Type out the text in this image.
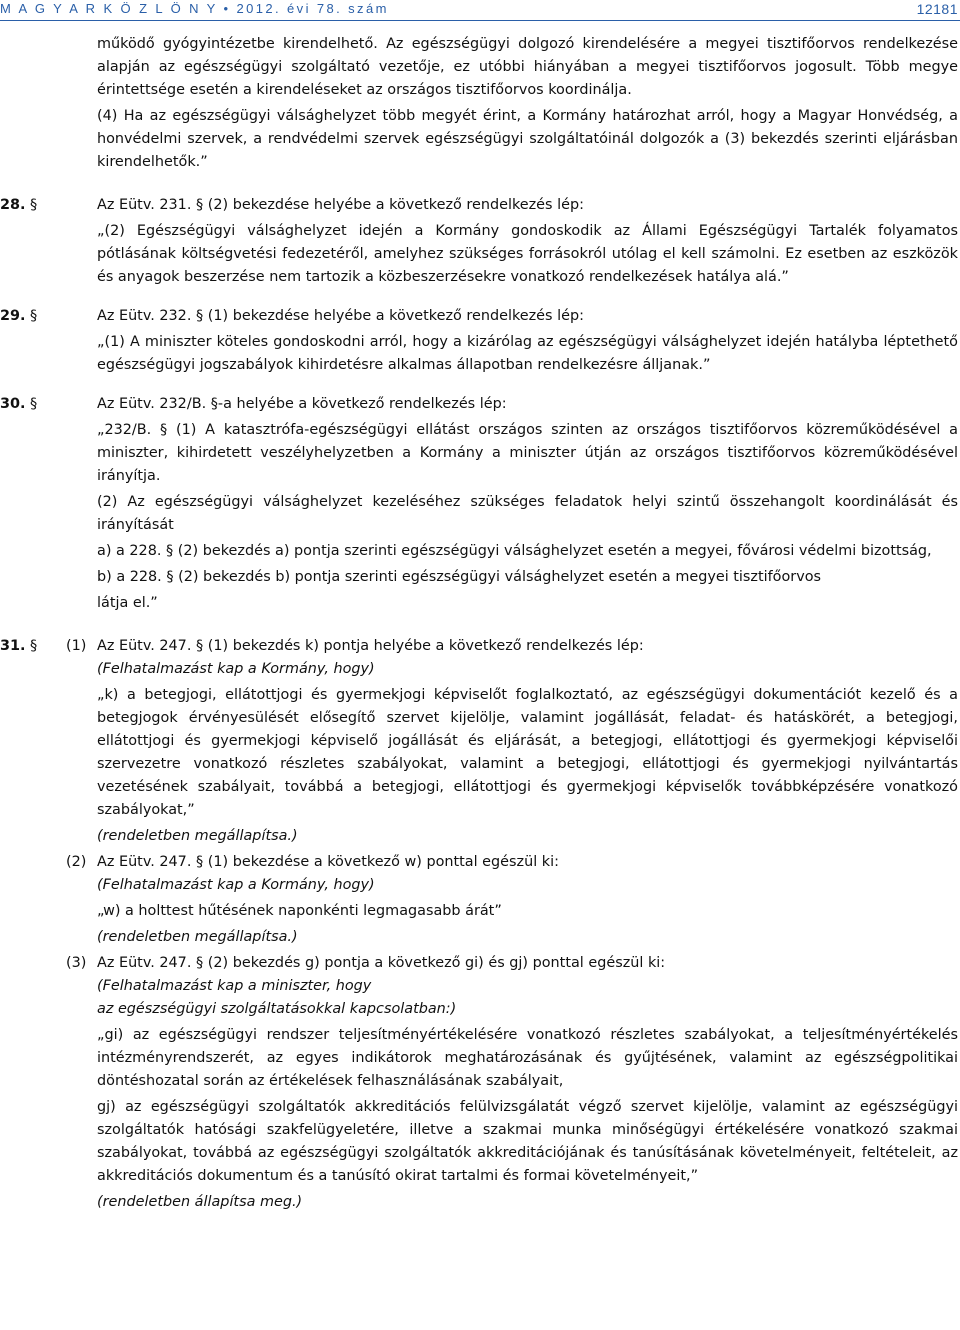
M A G Y A R K Ö Z L Ö N Y • 2012. évi 78. szám	12181

működő gyógyintézetbe kirendelhető. Az egészségügyi dolgozó kirendelésére a megyei tisztifőorvos rendelkezése alapján az egészségügyi szolgáltató vezetője, ez utóbbi hiányában a megyei tisztifőorvos jogosult. Több megye érintettsége esetén a kirendeléseket az országos tisztifőorvos koordinálja.

(4) Ha az egészségügyi válsághelyzet több megyét érint, a Kormány határozhat arról, hogy a Magyar Honvédség, a honvédelmi szervek, a rendvédelmi szervek egészségügyi szolgáltatóinál dolgozók a (3) bekezdés szerinti eljárásban kirendelhetők.”

28. §	Az Eütv. 231. § (2) bekezdése helyébe a következő rendelkezés lép:

„(2) Egészségügyi válsághelyzet idején a Kormány gondoskodik az Állami Egészségügyi Tartalék folyamatos pótlásának költségvetési fedezetéről, amelyhez szükséges forrásokról utólag el kell számolni. Ez esetben az eszközök és anyagok beszerzése nem tartozik a közbeszerzésekre vonatkozó rendelkezések hatálya alá.”

29. §	Az Eütv. 232. § (1) bekezdése helyébe a következő rendelkezés lép:

„(1) A miniszter köteles gondoskodni arról, hogy a kizárólag az egészségügyi válsághelyzet idején hatályba léptethető egészségügyi jogszabályok kihirdetésre alkalmas állapotban rendelkezésre álljanak.”

30. §	Az Eütv. 232/B. §-a helyébe a következő rendelkezés lép:

„232/B. § (1) A katasztrófa-egészségügyi ellátást országos szinten az országos tisztifőorvos közreműködésével a miniszter, kihirdetett veszélyhelyzetben a Kormány a miniszter útján az országos tisztifőorvos közreműködésével irányítja.

(2) Az egészségügyi válsághelyzet kezeléséhez szükséges feladatok helyi szintű összehangolt koordinálását és irányítását

a) a 228. § (2) bekezdés a) pontja szerinti egészségügyi válsághelyzet esetén a megyei, fővárosi védelmi bizottság,

b) a 228. § (2) bekezdés b) pontja szerinti egészségügyi válsághelyzet esetén a megyei tisztifőorvos

látja el.”

31. § (1) Az Eütv. 247. § (1) bekezdés k) pontja helyébe a következő rendelkezés lép:

(Felhatalmazást kap a Kormány, hogy)

„k) a betegjogi, ellátottjogi és gyermekjogi képviselőt foglalkoztató, az egészségügyi dokumentációt kezelő és a betegjogok érvényesülését elősegítő szervet kijelölje, valamint jogállását, feladat- és hatáskörét, a betegjogi, ellátottjogi és gyermekjogi képviselő jogállását és eljárását, a betegjogi, ellátottjogi és gyermekjogi képviselői szervezetre vonatkozó részletes szabályokat, valamint a betegjogi, ellátottjogi és gyermekjogi nyilvántartás vezetésének szabályait, továbbá a betegjogi, ellátottjogi és gyermekjogi képviselők továbbképzésére vonatkozó szabályokat,”

(rendeletben megállapítsa.)

(2) Az Eütv. 247. § (1) bekezdése a következő w) ponttal egészül ki:

(Felhatalmazást kap a Kormány, hogy)

„w) a holttest hűtésének naponkénti legmagasabb árát”

(rendeletben megállapítsa.)

(3) Az Eütv. 247. § (2) bekezdés g) pontja a következő gi) és gj) ponttal egészül ki:

(Felhatalmazást kap a miniszter, hogy

az egészségügyi szolgáltatásokkal kapcsolatban:)

„gi) az egészségügyi rendszer teljesítményértékelésére vonatkozó részletes szabályokat, a teljesítményértékelés intézményrendszerét, az egyes indikátorok meghatározásának és gyűjtésének, valamint az egészségpolitikai döntéshozatal során az értékelések felhasználásának szabályait,

gj) az egészségügyi szolgáltatók akkreditációs felülvizsgálatát végző szervet kijelölje, valamint az egészségügyi szolgáltatók hatósági szakfelügyeletére, illetve a szakmai munka minőségügyi értékelésére vonatkozó szakmai szabályokat, továbbá az egészségügyi szolgáltatók akkreditációjának és tanúsításának követelményeit, feltételeit, az akkreditációs dokumentum és a tanúsító okirat tartalmi és formai követelményeit,”

(rendeletben állapítsa meg.)
